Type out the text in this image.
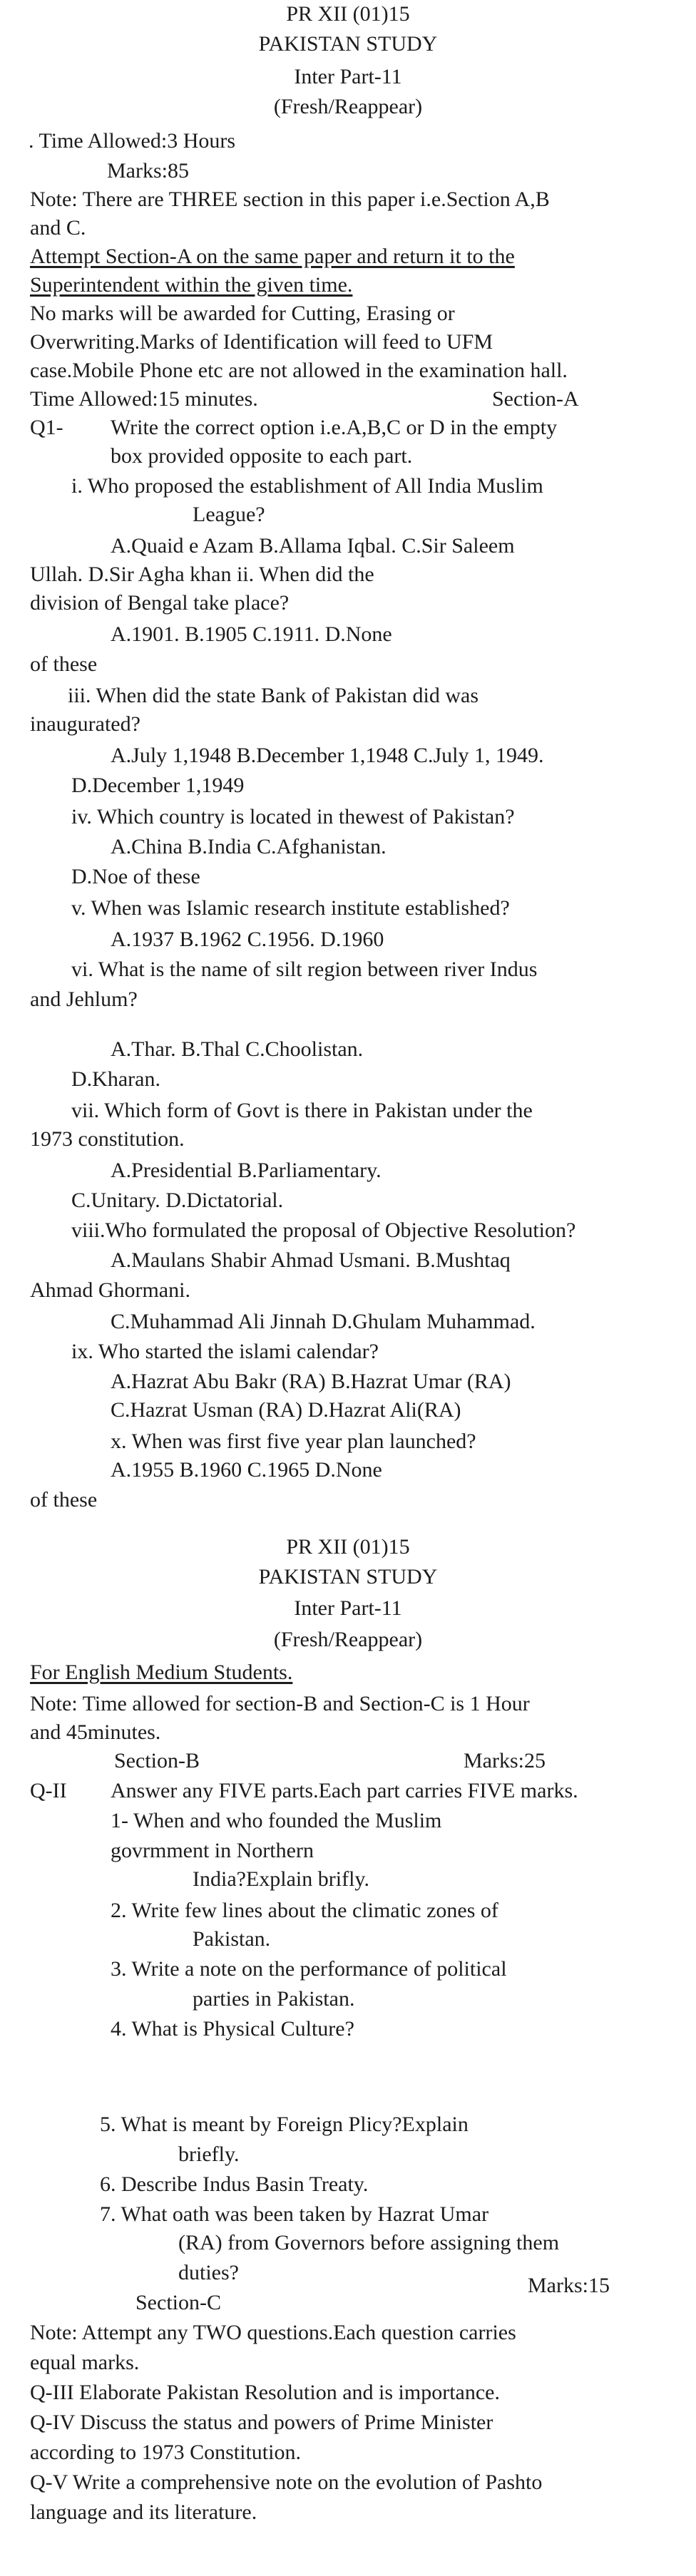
PR XII (01)15
PAKISTAN STUDY
Inter Part-11
(Fresh/Reappear)
. Time Allowed:3 Hours
Marks:85
Note: There are THREE section in this paper i.e.Section A,B
and C.
Attempt Section-A on the same paper and return it to the
Superintendent within the given time.
No marks will be awarded for Cutting, Erasing or
Overwriting.Marks of Identification will feed to UFM
case.Mobile Phone etc are not allowed in the examination hall.
Time Allowed:15 minutes.	Section-A
Q1- Write the correct option i.e.A,B,C or D in the empty
box provided opposite to each part.
i. Who proposed the establishment of All India Muslim
League?
A.Quaid e Azam B.Allama Iqbal. C.Sir Saleem
Ullah. D.Sir Agha khan ii. When did the
division of Bengal take place?
A.1901. B.1905 C.1911. D.None
of these
iii. When did the state Bank of Pakistan did was
inaugurated?
A.July 1,1948 B.December 1,1948 C.July 1, 1949.
D.December 1,1949
iv. Which country is located in thewest of Pakistan?
A.China B.India C.Afghanistan.
D.Noe of these
v. When was Islamic research institute established?
A.1937 B.1962 C.1956. D.1960
vi. What is the name of silt region between river Indus
and Jehlum?
A.Thar. B.Thal C.Choolistan.
D.Kharan.
vii. Which form of Govt is there in Pakistan under the
1973 constitution.
A.Presidential B.Parliamentary.
C.Unitary. D.Dictatorial.
viii.Who formulated the proposal of Objective Resolution?
A.Maulans Shabir Ahmad Usmani. B.Mushtaq
Ahmad Ghormani.
C.Muhammad Ali Jinnah D.Ghulam Muhammad.
ix. Who started the islami calendar?
A.Hazrat Abu Bakr (RA) B.Hazrat Umar (RA)
C.Hazrat Usman (RA) D.Hazrat Ali(RA)
x. When was first five year plan launched?
A.1955 B.1960 C.1965 D.None
of these
PR XII (01)15
PAKISTAN STUDY
Inter Part-11
(Fresh/Reappear)
For English Medium Students.
Note: Time allowed for section-B and Section-C is 1 Hour
and 45minutes.
Section-B	Marks:25
Q-II Answer any FIVE parts.Each part carries FIVE marks.
1- When and who founded the Muslim
govrmment in Northern
India?Explain brifly.
2. Write few lines about the climatic zones of
Pakistan.
3. Write a note on the performance of political
parties in Pakistan.
4. What is Physical Culture?
5. What is meant by Foreign Plicy?Explain
briefly.
6. Describe Indus Basin Treaty.
7. What oath was been taken by Hazrat Umar
(RA) from Governors before assigning them
duties?
Section-C
Marks:15
Note: Attempt any TWO questions.Each question carries
equal marks.
Q-III Elaborate Pakistan Resolution and is importance.
Q-IV Discuss the status and powers of Prime Minister
according to 1973 Constitution.
Q-V Write a comprehensive note on the evolution of Pashto
language and its literature.
